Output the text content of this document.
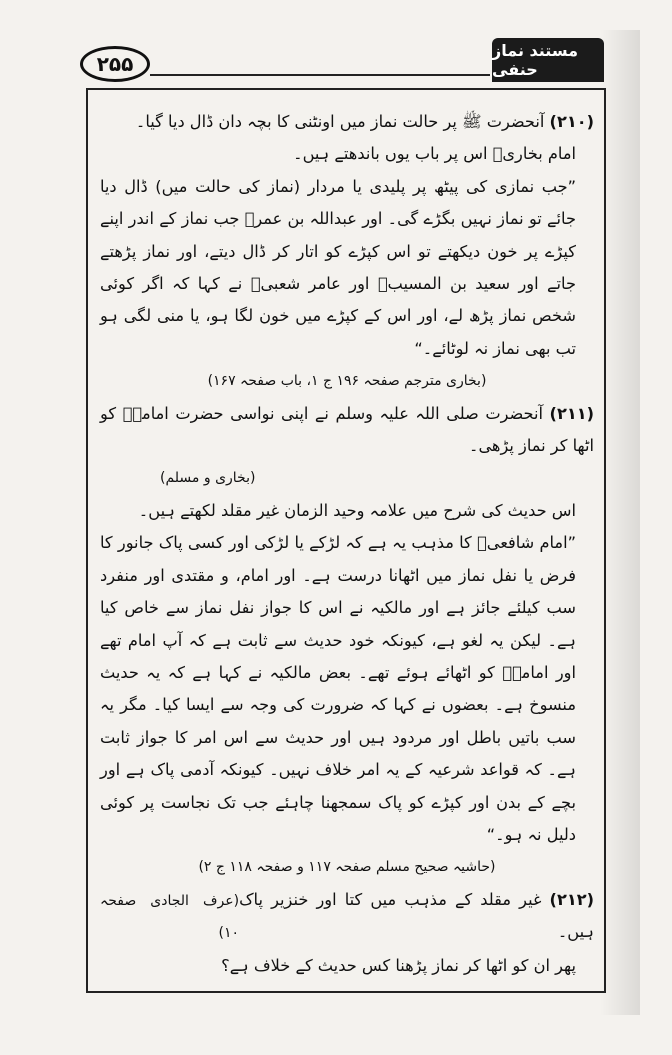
۲۵۵
مستند نماز حنفی

(۲۱۰) آنحضرت ﷺ پر حالت نماز میں اونٹنی کا بچہ دان ڈال دیا گیا۔

امام بخاریؒ اس پر باب یوں باندھتے ہیں۔

”جب نمازی کی پیٹھ پر پلیدی یا مردار (نماز کی حالت میں) ڈال دیا جائے تو نماز نہیں بگڑے گی۔ اور عبداللہ بن عمرؓ جب نماز کے اندر اپنے کپڑے پر خون دیکھتے تو اس کپڑے کو اتار کر ڈال دیتے، اور نماز پڑھتے جاتے اور سعید بن المسیبؒ اور عامر شعبیؒ نے کہا کہ اگر کوئی شخص نماز پڑھ لے، اور اس کے کپڑے میں خون لگا ہو، یا منی لگی ہو تب بھی نماز نہ لوٹائے۔“

(بخاری مترجم صفحہ ۱۹۶ ج ۱، باب صفحہ ۱۶۷)

(۲۱۱) آنحضرت صلی اللہ علیہ وسلم نے اپنی نواسی حضرت امامہؓ کو اٹھا کر نماز پڑھی۔

(بخاری و مسلم)

اس حدیث کی شرح میں علامہ وحید الزمان غیر مقلد لکھتے ہیں۔

”امام شافعیؒ کا مذہب یہ ہے کہ لڑکے یا لڑکی اور کسی پاک جانور کا فرض یا نفل نماز میں اٹھانا درست ہے۔ اور امام، و مقتدی اور منفرد سب کیلئے جائز ہے اور مالکیہ نے اس کا جواز نفل نماز سے خاص کیا ہے۔ لیکن یہ لغو ہے، کیونکہ خود حدیث سے ثابت ہے کہ آپ امام تھے اور امامہؓ کو اٹھائے ہوئے تھے۔ بعض مالکیہ نے کہا ہے کہ یہ حدیث منسوخ ہے۔ بعضوں نے کہا کہ ضرورت کی وجہ سے ایسا کیا۔ مگر یہ سب باتیں باطل اور مردود ہیں اور حدیث سے اس امر کا جواز ثابت ہے۔ کہ قواعد شرعیہ کے یہ امر خلاف نہیں۔ کیونکہ آدمی پاک ہے اور بچے کے بدن اور کپڑے کو پاک سمجھنا چاہئے جب تک نجاست پر کوئی دلیل نہ ہو۔“

(حاشیہ صحیح مسلم صفحہ ۱۱۷ و صفحہ ۱۱۸ ج ۲)

(۲۱۲) غیر مقلد کے مذہب میں کتا اور خنزیر پاک ہیں۔
(عرف الجادی صفحہ ۱۰)

پھر ان کو اٹھا کر نماز پڑھنا کس حدیث کے خلاف ہے؟
